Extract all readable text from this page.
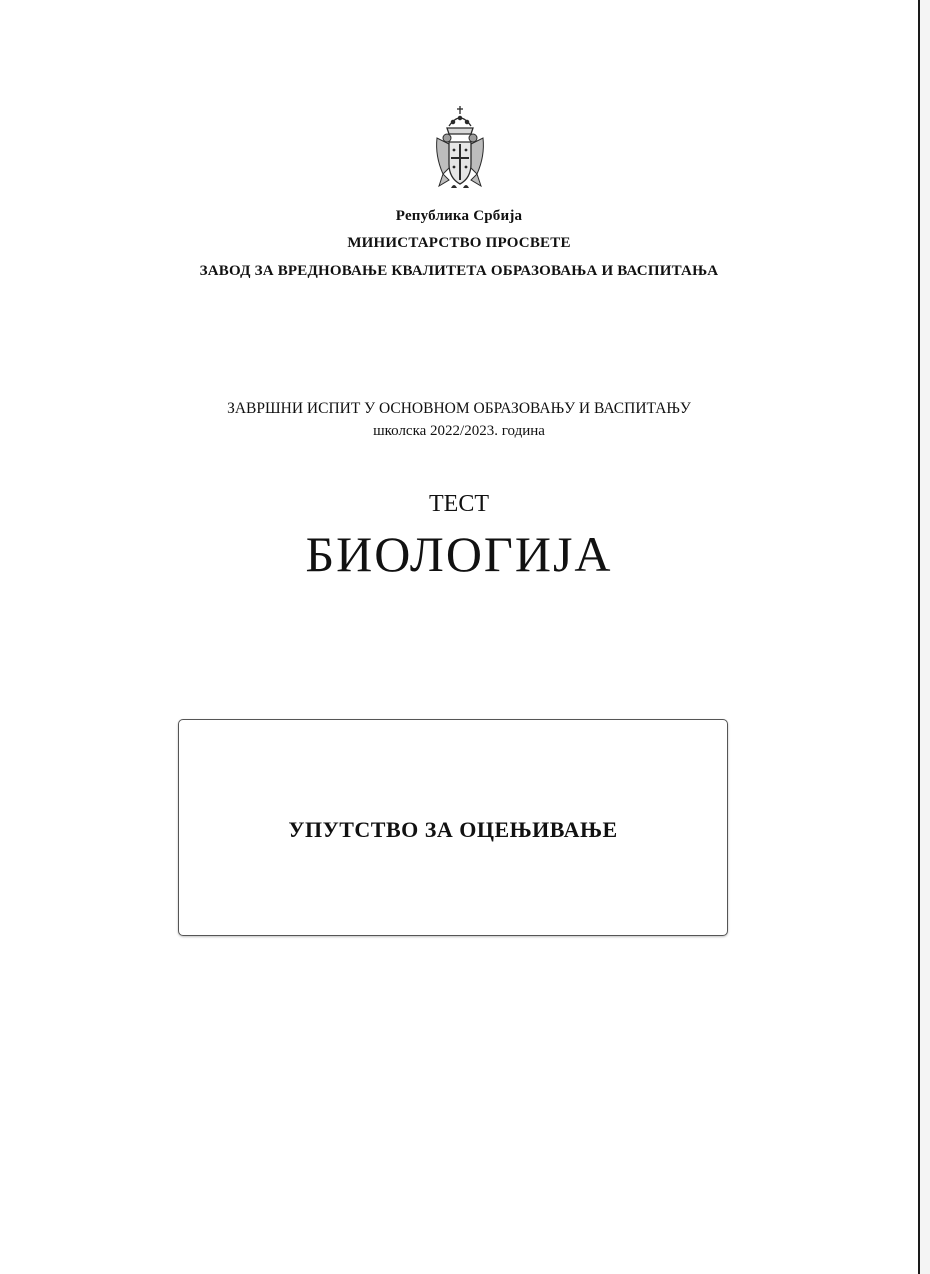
Република Србија
МИНИСТАРСТВО ПРОСВЕТЕ
ЗАВОД ЗА ВРЕДНОВАЊЕ КВАЛИТЕТА ОБРАЗОВАЊА И ВАСПИТАЊА
ЗАВРШНИ ИСПИТ У ОСНОВНОМ ОБРАЗОВАЊУ И ВАСПИТАЊУ
школска 2022/2023. година
ТЕСТ
БИОЛОГИЈА
УПУТСТВО ЗА ОЦЕЊИВАЊЕ
